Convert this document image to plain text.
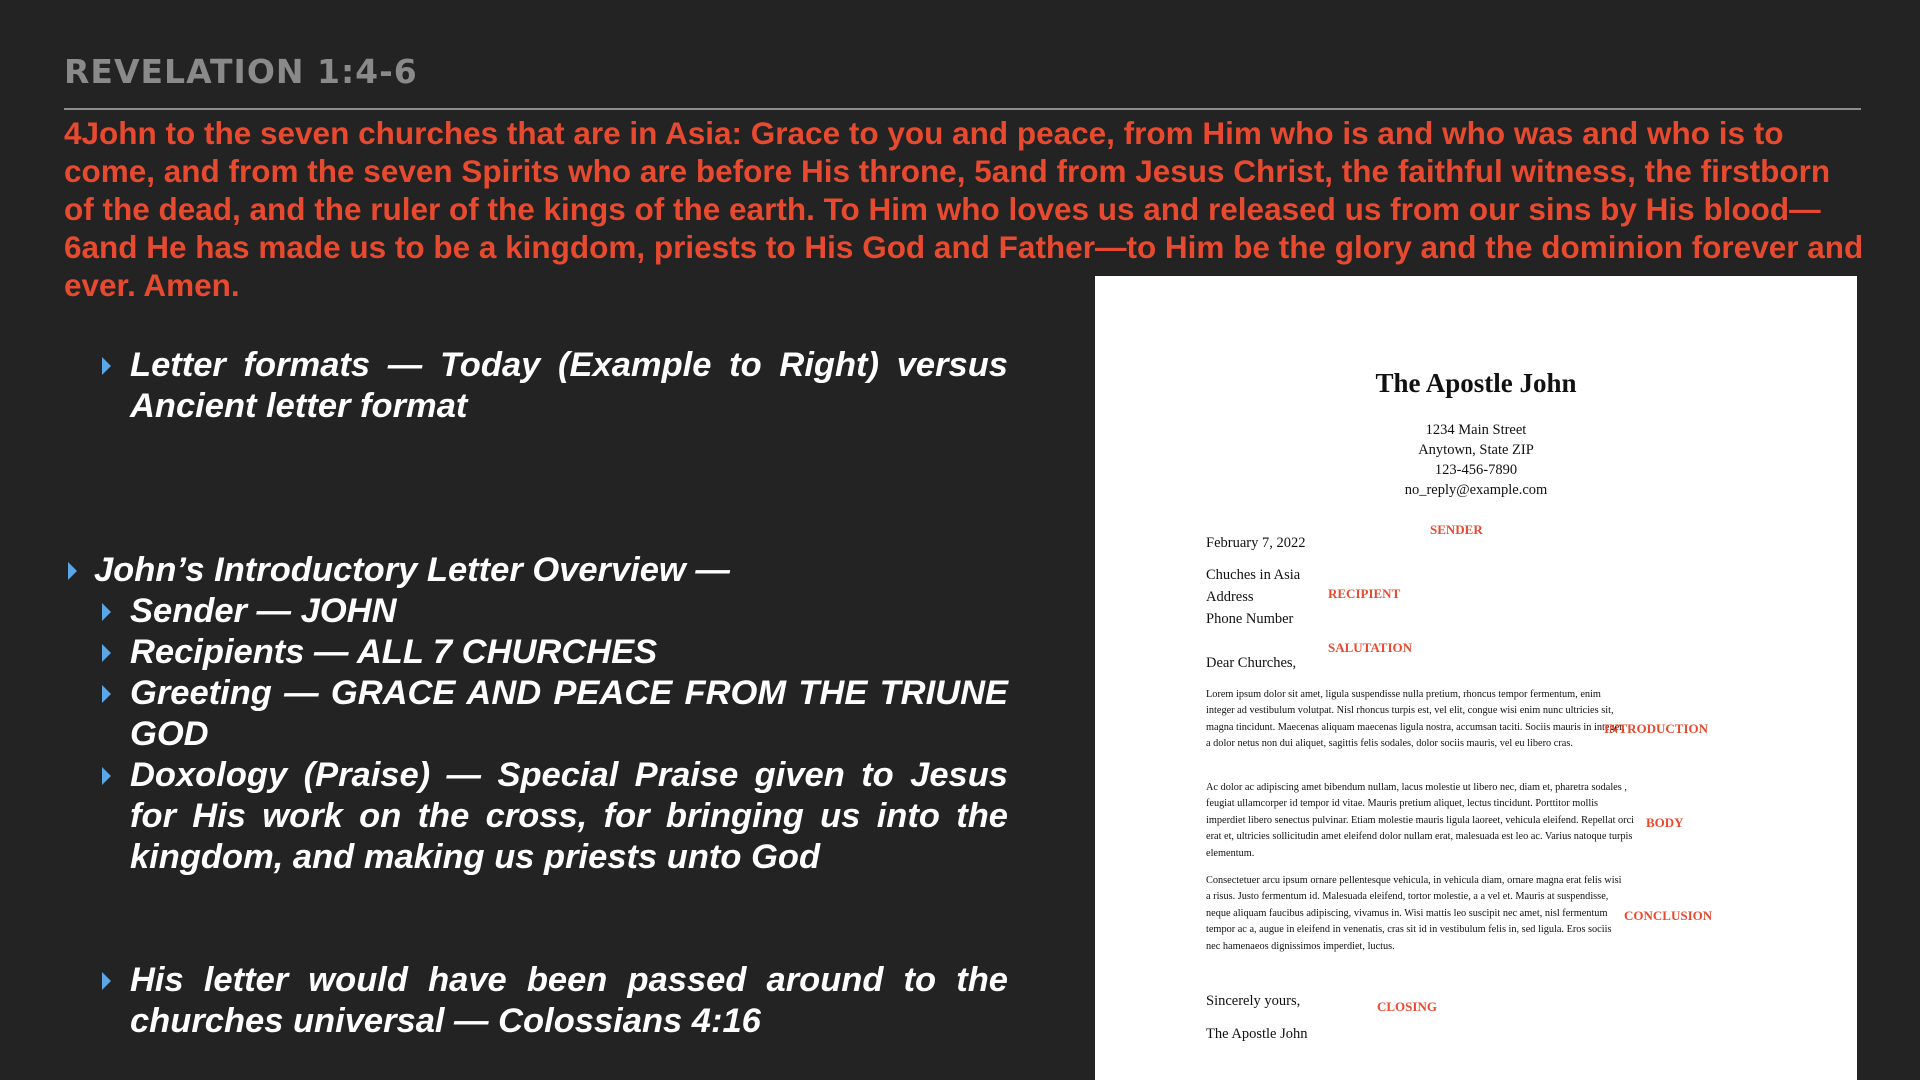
REVELATION 1:4-6
4John to the seven churches that are in Asia: Grace to you and peace, from Him who is and who was and who is to come, and from the seven Spirits who are before His throne, 5and from Jesus Christ, the faithful witness, the firstborn of the dead, and the ruler of the kings of the earth. To Him who loves us and released us from our sins by His blood— 6and He has made us to be a kingdom, priests to His God and Father—to Him be the glory and the dominion forever and ever. Amen.
Letter formats — Today (Example to Right) versus Ancient letter format
John’s Introductory Letter Overview —
Sender — JOHN
Recipients — ALL 7 CHURCHES
Greeting — GRACE AND PEACE FROM THE TRIUNE GOD
Doxology (Praise) — Special Praise given to Jesus for His work on the cross, for bringing us into the kingdom, and making us priests unto God
His letter would have been passed around to the churches universal — Colossians 4:16
The Apostle John
1234 Main Street
Anytown, State ZIP
123-456-7890
no_reply@example.com
SENDER
February 7, 2022
Chuches in Asia
Address
Phone Number
RECIPIENT
SALUTATION
Dear Churches,
Lorem ipsum dolor sit amet, ligula suspendisse nulla pretium, rhoncus tempor fermentum, enim integer ad vestibulum volutpat. Nisl rhoncus turpis est, vel elit, congue wisi enim nunc ultricies sit, magna tincidunt. Maecenas aliquam maecenas ligula nostra, accumsan taciti. Sociis mauris in integer, a dolor netus non dui aliquet, sagittis felis sodales, dolor sociis mauris, vel eu libero cras.
INTRODUCTION
Ac dolor ac adipiscing amet bibendum nullam, lacus molestie ut libero nec, diam et, pharetra sodales , feugiat ullamcorper id tempor id vitae. Mauris pretium aliquet, lectus tincidunt. Porttitor mollis imperdiet libero senectus pulvinar. Etiam molestie mauris ligula laoreet, vehicula eleifend. Repellat orci erat et, ultricies sollicitudin amet eleifend dolor nullam erat, malesuada est leo ac. Varius natoque turpis elementum.
BODY
Consectetuer arcu ipsum ornare pellentesque vehicula, in vehicula diam, ornare magna erat felis wisi a risus. Justo fermentum id. Malesuada eleifend, tortor molestie, a a vel et. Mauris at suspendisse, neque aliquam faucibus adipiscing, vivamus in. Wisi mattis leo suscipit nec amet, nisl fermentum tempor ac a, augue in eleifend in venenatis, cras sit id in vestibulum felis in, sed ligula. Eros sociis nec hamenaeos dignissimos imperdiet, luctus.
CONCLUSION
Sincerely yours,	CLOSING
The Apostle John
